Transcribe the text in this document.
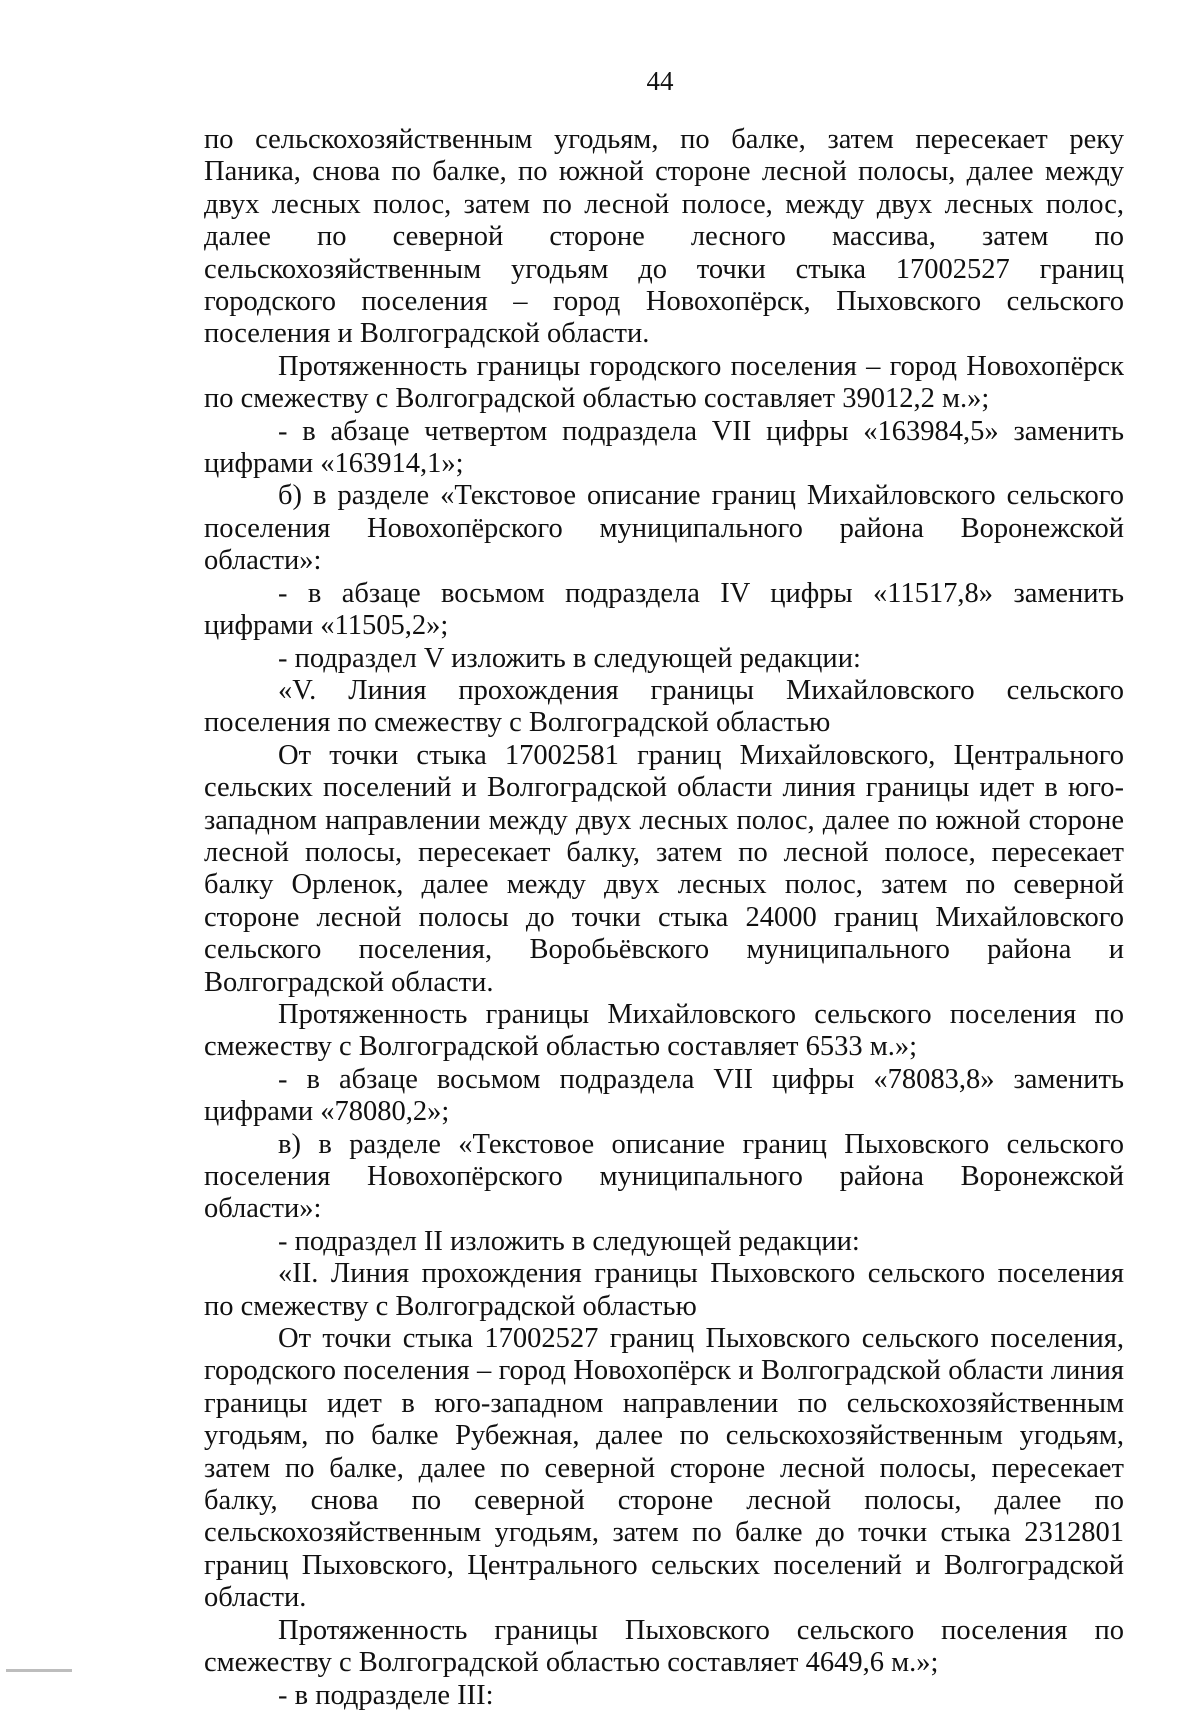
44

по сельскохозяйственным угодьям, по балке, затем пересекает реку Паника, снова по балке, по южной стороне лесной полосы, далее между двух лесных полос, затем по лесной полосе, между двух лесных полос, далее по северной стороне лесного массива, затем по сельскохозяйственным угодьям до точки стыка 17002527 границ городского поселения – город Новохопёрск, Пыховского сельского поселения и Волгоградской области.

Протяженность границы городского поселения – город Новохопёрск по смежеству с Волгоградской областью составляет 39012,2 м.»;

- в абзаце четвертом подраздела VII цифры «163984,5» заменить цифрами «163914,1»;

б) в разделе «Текстовое описание границ Михайловского сельского поселения Новохопёрского муниципального района Воронежской области»:

- в абзаце восьмом подраздела IV цифры «11517,8» заменить цифрами «11505,2»;

- подраздел V изложить в следующей редакции:

«V. Линия прохождения границы Михайловского сельского поселения по смежеству с Волгоградской областью

От точки стыка 17002581 границ Михайловского, Центрального сельских поселений и Волгоградской области линия границы идет в юго-западном направлении между двух лесных полос, далее по южной стороне лесной полосы, пересекает балку, затем по лесной полосе, пересекает балку Орленок, далее между двух лесных полос, затем по северной стороне лесной полосы до точки стыка 24000 границ Михайловского сельского поселения, Воробьёвского муниципального района и Волгоградской области.

Протяженность границы Михайловского сельского поселения по смежеству с Волгоградской областью составляет 6533 м.»;

- в абзаце восьмом подраздела VII цифры «78083,8» заменить цифрами «78080,2»;

в) в разделе «Текстовое описание границ Пыховского сельского поселения Новохопёрского муниципального района Воронежской области»:

- подраздел II изложить в следующей редакции:

«II. Линия прохождения границы Пыховского сельского поселения по смежеству с Волгоградской областью

От точки стыка 17002527 границ Пыховского сельского поселения, городского поселения – город Новохопёрск и Волгоградской области линия границы идет в юго-западном направлении по сельскохозяйственным угодьям, по балке Рубежная, далее по сельскохозяйственным угодьям, затем по балке, далее по северной стороне лесной полосы, пересекает балку, снова по северной стороне лесной полосы, далее по сельскохозяйственным угодьям, затем по балке до точки стыка 2312801 границ Пыховского, Центрального сельских поселений и Волгоградской области.

Протяженность границы Пыховского сельского поселения по смежеству с Волгоградской областью составляет 4649,6 м.»;

- в подразделе III:
